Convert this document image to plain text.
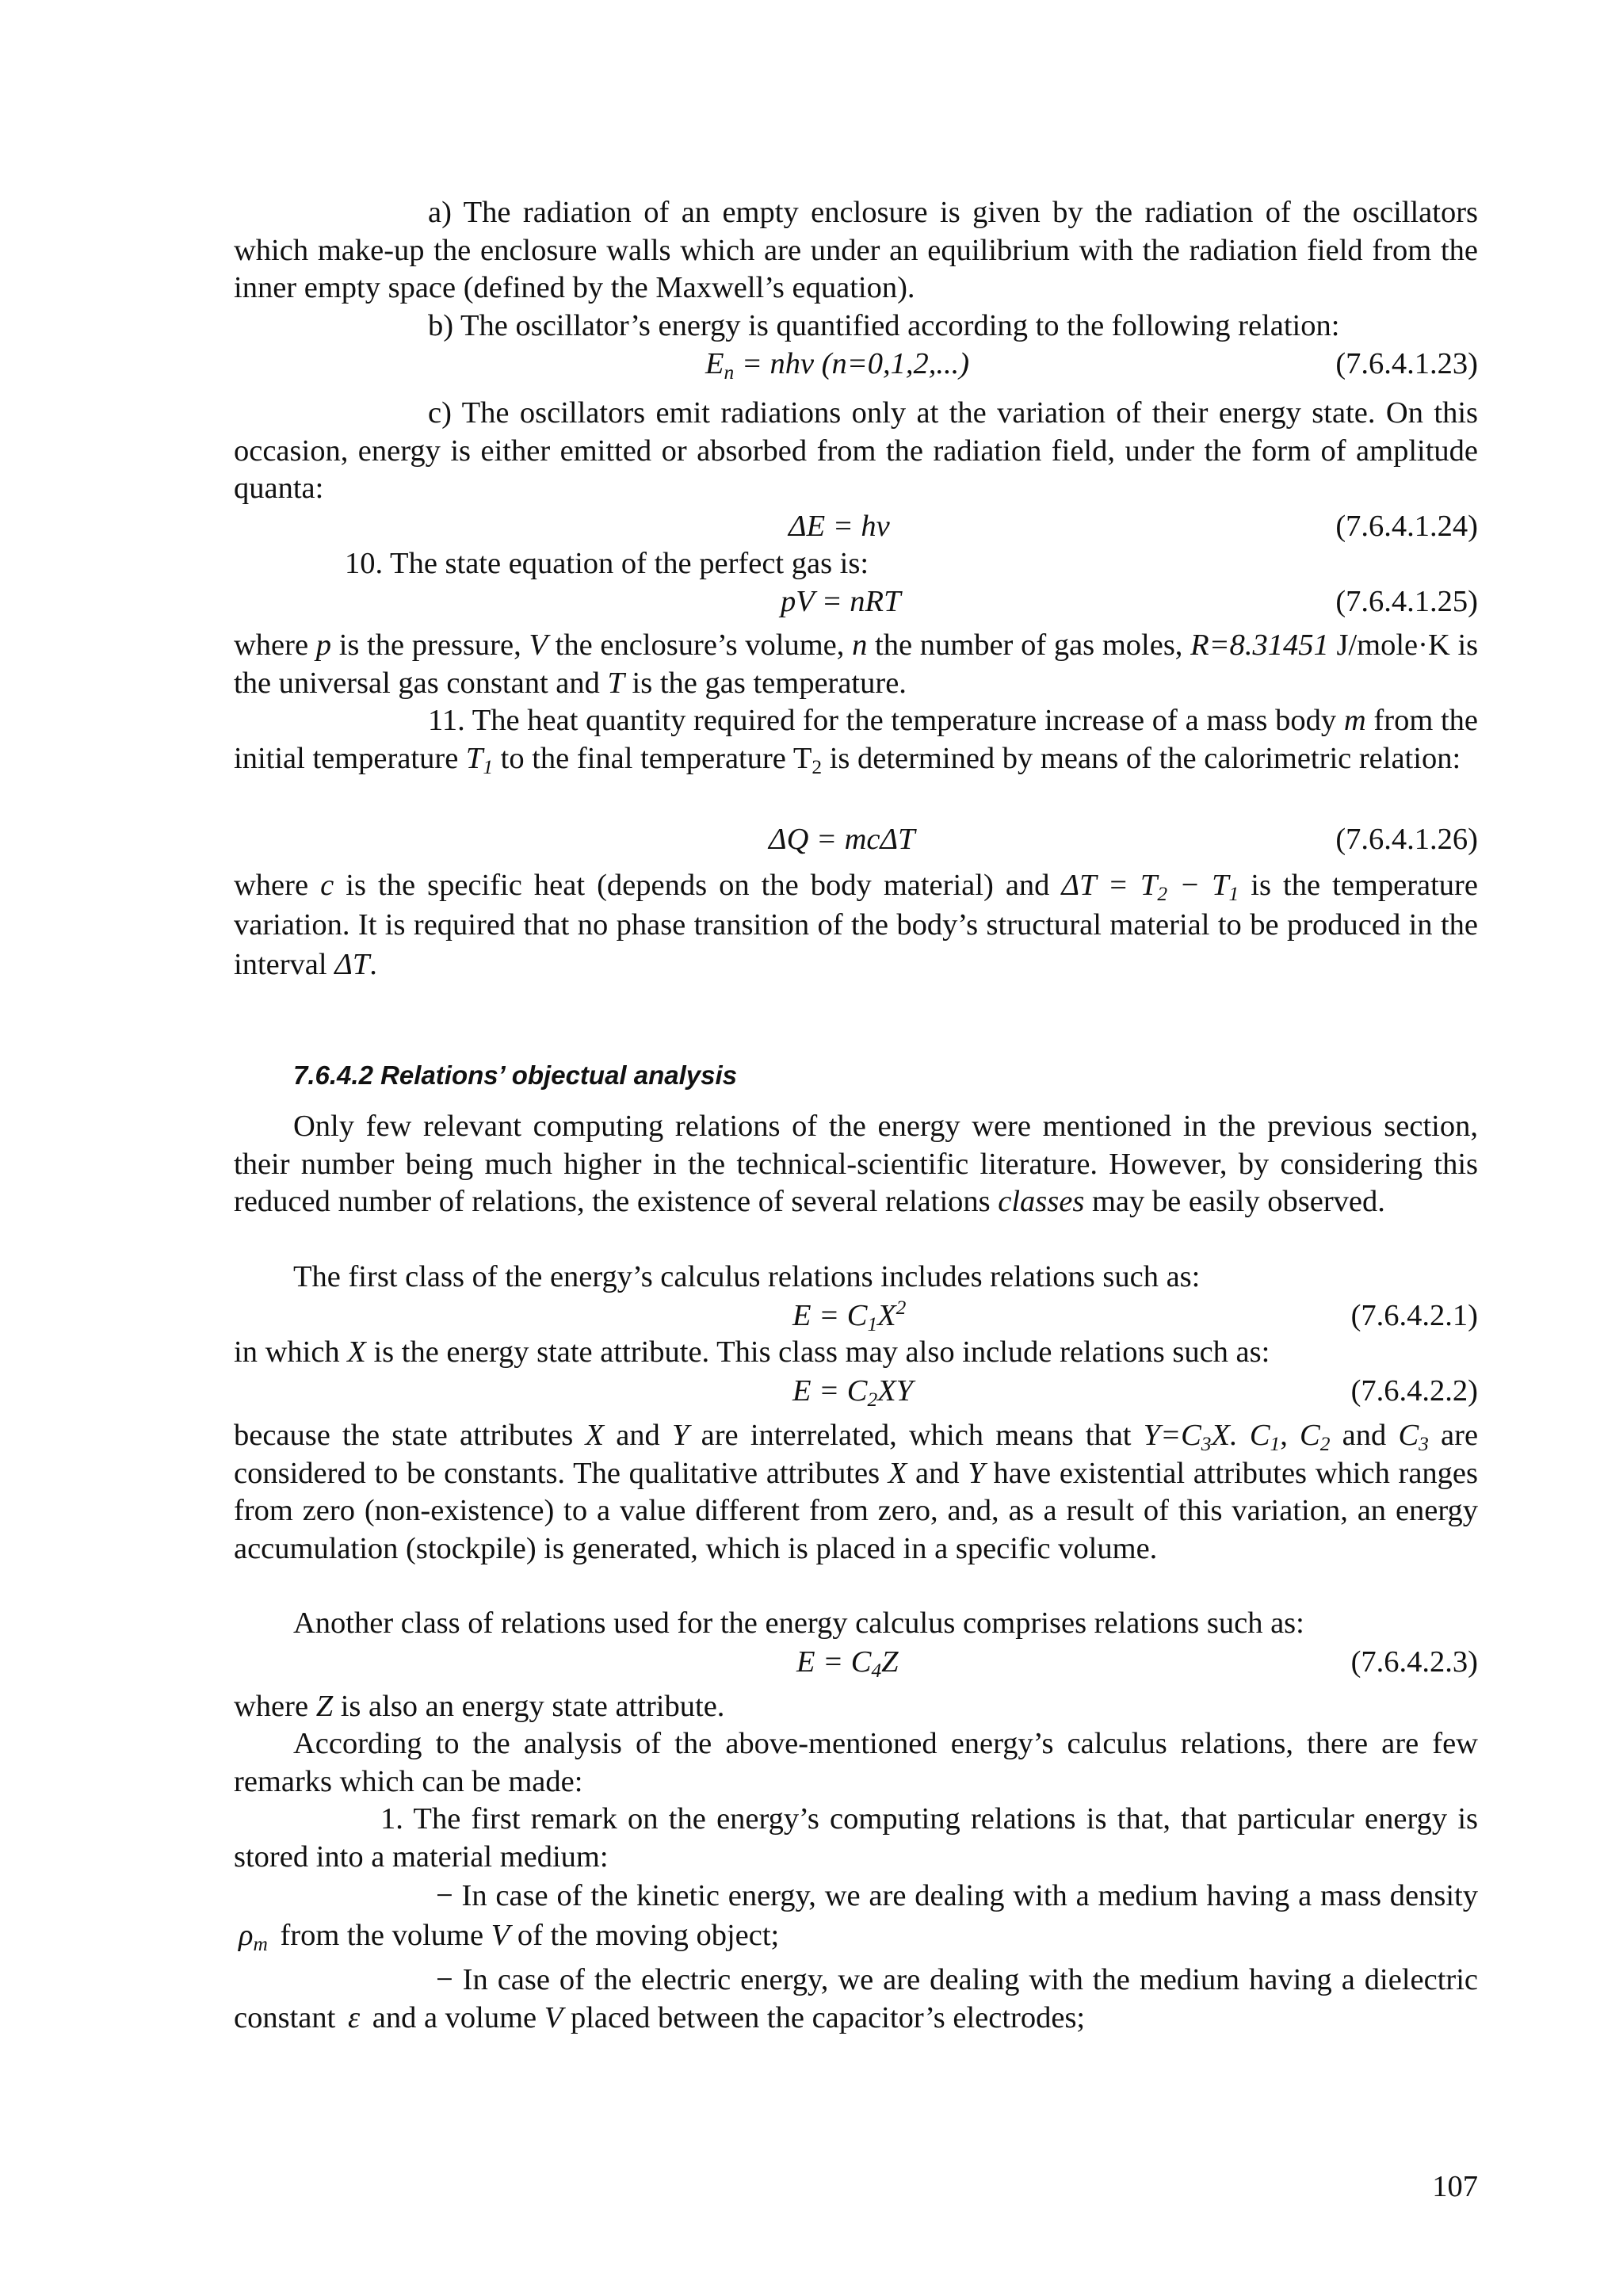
a) The radiation of an empty enclosure is given by the radiation of the oscillators which make-up the enclosure walls which are under an equilibrium with the radiation field from the inner empty space (defined by the Maxwell’s equation).

b) The oscillator’s energy is quantified according to the following relation:

$E_n = nh\nu$ (n=0,1,2,...)	(7.6.4.1.23)

c) The oscillators emit radiations only at the variation of their energy state. On this occasion, energy is either emitted or absorbed from the radiation field, under the form of amplitude quanta:

ΔE = hν	(7.6.4.1.24)

10. The state equation of the perfect gas is:

pV = nRT	(7.6.4.1.25)

where p is the pressure, V the enclosure’s volume, n the number of gas moles, R=8.31451 J/mole·K is the universal gas constant and T is the gas temperature.

11. The heat quantity required for the temperature increase of a mass body m from the initial temperature $T_1$ to the final temperature $T_2$ is determined by means of the calorimetric relation:

ΔQ = mcΔT	(7.6.4.1.26)

where c is the specific heat (depends on the body material) and $\Delta T = T_2 - T_1$ is the temperature variation. It is required that no phase transition of the body’s structural material to be produced in the interval ΔT.

7.6.4.2 Relations’ objectual analysis

Only few relevant computing relations of the energy were mentioned in the previous section, their number being much higher in the technical-scientific literature. However, by considering this reduced number of relations, the existence of several relations classes may be easily observed.

The first class of the energy’s calculus relations includes relations such as:

$E = C_1X^2$	(7.6.4.2.1)

in which X is the energy state attribute. This class may also include relations such as:

$E = C_2XY$	(7.6.4.2.2)

because the state attributes X and Y are interrelated, which means that $Y=C_3X$. $C_1$, $C_2$ and $C_3$ are considered to be constants. The qualitative attributes X and Y have existential attributes which ranges from zero (non-existence) to a value different from zero, and, as a result of this variation, an energy accumulation (stockpile) is generated, which is placed in a specific volume.

Another class of relations used for the energy calculus comprises relations such as:

$E = C_4Z$	(7.6.4.2.3)

where Z is also an energy state attribute.

According to the analysis of the above-mentioned energy’s calculus relations, there are few remarks which can be made:

1. The first remark on the energy’s computing relations is that, that particular energy is stored into a material medium:

− In case of the kinetic energy, we are dealing with a medium having a mass density $\rho_m$ from the volume V of the moving object;

− In case of the electric energy, we are dealing with the medium having a dielectric constant ε and a volume V placed between the capacitor’s electrodes;

107
